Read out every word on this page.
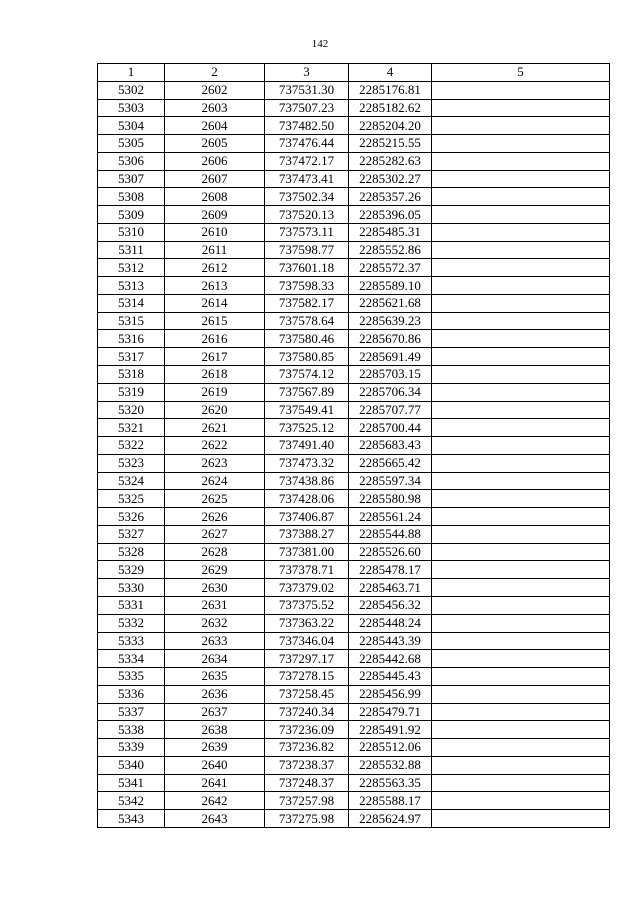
142
1	2	3	4	5
5302	2602	737531.30	2285176.81	
5303	2603	737507.23	2285182.62	
5304	2604	737482.50	2285204.20	
5305	2605	737476.44	2285215.55	
5306	2606	737472.17	2285282.63	
5307	2607	737473.41	2285302.27	
5308	2608	737502.34	2285357.26	
5309	2609	737520.13	2285396.05	
5310	2610	737573.11	2285485.31	
5311	2611	737598.77	2285552.86	
5312	2612	737601.18	2285572.37	
5313	2613	737598.33	2285589.10	
5314	2614	737582.17	2285621.68	
5315	2615	737578.64	2285639.23	
5316	2616	737580.46	2285670.86	
5317	2617	737580.85	2285691.49	
5318	2618	737574.12	2285703.15	
5319	2619	737567.89	2285706.34	
5320	2620	737549.41	2285707.77	
5321	2621	737525.12	2285700.44	
5322	2622	737491.40	2285683.43	
5323	2623	737473.32	2285665.42	
5324	2624	737438.86	2285597.34	
5325	2625	737428.06	2285580.98	
5326	2626	737406.87	2285561.24	
5327	2627	737388.27	2285544.88	
5328	2628	737381.00	2285526.60	
5329	2629	737378.71	2285478.17	
5330	2630	737379.02	2285463.71	
5331	2631	737375.52	2285456.32	
5332	2632	737363.22	2285448.24	
5333	2633	737346.04	2285443.39	
5334	2634	737297.17	2285442.68	
5335	2635	737278.15	2285445.43	
5336	2636	737258.45	2285456.99	
5337	2637	737240.34	2285479.71	
5338	2638	737236.09	2285491.92	
5339	2639	737236.82	2285512.06	
5340	2640	737238.37	2285532.88	
5341	2641	737248.37	2285563.35	
5342	2642	737257.98	2285588.17	
5343	2643	737275.98	2285624.97	
